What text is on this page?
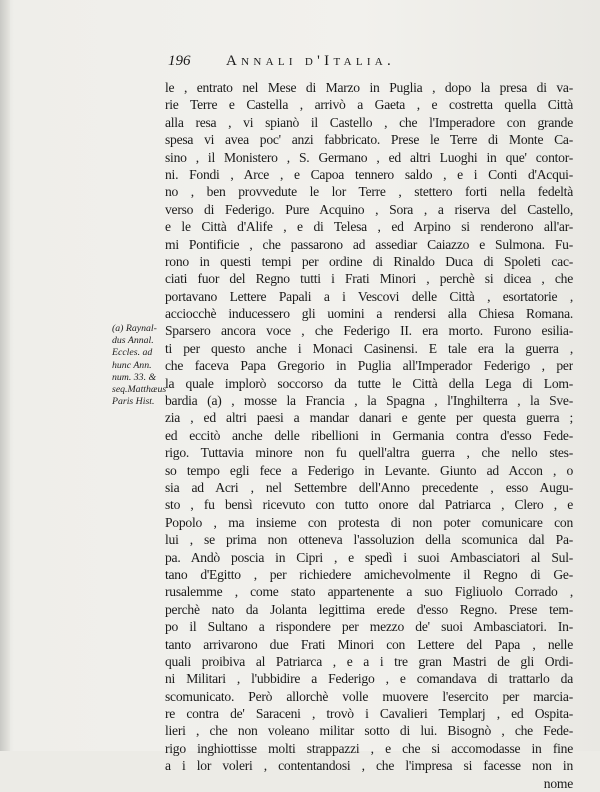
196 Annali d'Italia.
(a) Raynal-
dus Annal.
Eccles. ad
hunc Ann.
num. 33. &
seq.Matthæus
Paris Hist.
le , entrato nel Mese di Marzo in Puglia , dopo la presa di va-
rie Terre e Castella , arrivò a Gaeta , e costretta quella Città
alla resa , vi spianò il Castello , che l'Imperadore con grande
spesa vi avea poc' anzi fabbricato. Prese le Terre di Monte Ca-
sino , il Monistero , S. Germano , ed altri Luoghi in que' contor-
ni. Fondi , Arce , e Capoa tennero saldo , e i Conti d'Acqui-
no , ben provvedute le lor Terre , stettero forti nella fedeltà
verso di Federigo. Pure Acquino , Sora , a riserva del Castello,
e le Città d'Alife , e di Telesa , ed Arpino si renderono all'ar-
mi Pontificie , che passarono ad assediar Caiazzo e Sulmona. Fu-
rono in questi tempi per ordine di Rinaldo Duca di Spoleti cac-
ciati fuor del Regno tutti i Frati Minori , perchè si dicea , che
portavano Lettere Papali a i Vescovi delle Città , esortatorie ,
acciocchè inducessero gli uomini a rendersi alla Chiesa Romana.
Sparsero ancora voce , che Federigo II. era morto. Furono esilia-
ti per questo anche i Monaci Casinensi. E tale era la guerra ,
che faceva Papa Gregorio in Puglia all'Imperador Federigo , per
la quale implorò soccorso da tutte le Città della Lega di Lom-
bardia (a) , mosse la Francia , la Spagna , l'Inghilterra , la Sve-
zia , ed altri paesi a mandar danari e gente per questa guerra ;
ed eccitò anche delle ribellioni in Germania contra d'esso Fede-
rigo. Tuttavia minore non fu quell'altra guerra , che nello stes-
so tempo egli fece a Federigo in Levante. Giunto ad Accon , o
sia ad Acri , nel Settembre dell'Anno precedente , esso Augu-
sto , fu bensì ricevuto con tutto onore dal Patriarca , Clero , e
Popolo , ma insieme con protesta di non poter comunicare con
lui , se prima non otteneva l'assoluzion della scomunica dal Pa-
pa. Andò poscia in Cipri , e spedì i suoi Ambasciatori al Sul-
tano d'Egitto , per richiedere amichevolmente il Regno di Ge-
rusalemme , come stato appartenente a suo Figliuolo Corrado ,
perchè nato da Jolanta legittima erede d'esso Regno. Prese tem-
po il Sultano a rispondere per mezzo de' suoi Ambasciatori. In-
tanto arrivarono due Frati Minori con Lettere del Papa , nelle
quali proibiva al Patriarca , e a i tre gran Mastri de gli Ordi-
ni Militari , l'ubbidire a Federigo , e comandava di trattarlo da
scomunicato. Però allorchè volle muovere l'esercito per marcia-
re contra de' Saraceni , trovò i Cavalieri Templarj , ed Ospita-
lieri , che non voleano militar sotto di lui. Bisognò , che Fede-
rigo inghiottisse molti strappazzi , e che si accomodasse in fine
a i lor voleri , contentandosi , che l'impresa si facesse non in
nome
